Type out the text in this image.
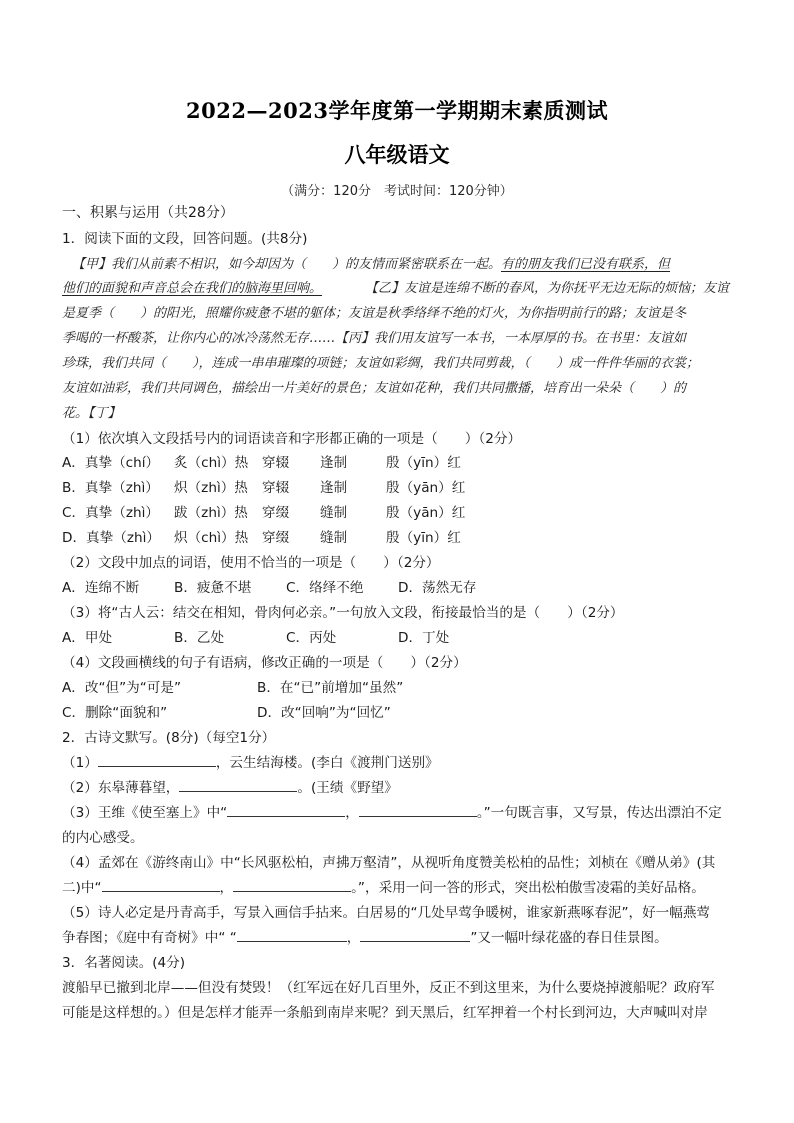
2022—2023学年度第一学期期末素质测试
八年级语文
（满分：120分　考试时间：120分钟）
一、积累与运用（共28分）
1．阅读下面的文段，回答问题。(共8分)
【甲】我们从前素不相识，如今却因为（　　）的友情而紧密联系在一起。有的朋友我们已没有联系，但
他们的面貌和声音总会在我们的脑海里回响。	【乙】友谊是连绵不断的春风，为你抚平无边无际的烦恼；友谊
是夏季（　　）的阳光，照耀你疲惫不堪的躯体；友谊是秋季络绎不绝的灯火，为你指明前行的路；友谊是冬
季喝的一杯酸茶，让你内心的冰冷荡然无存……【丙】我们用友谊写一本书，一本厚厚的书。在书里：友谊如
珍珠，我们共同（　　），连成一串串璀璨的项链；友谊如彩绸，我们共同剪裁，（　　）成一件件华丽的衣裳；
友谊如油彩，我们共同调色，描绘出一片美好的景色；友谊如花种，我们共同撒播，培育出一朵朵（　　）的
花。【丁】
（1）依次填入文段括号内的词语读音和字形都正确的一项是（　　）（2分）
A．真挚（chí） 炙（chì）热 穿辍 逢制	殷（yīn）红
B．真挚（zhì） 炽（zhì）热 穿辍 逢制	殷（yān）红
C．真挚（zhì） 跋（zhì）热 穿缀 缝制	殷（yān）红
D．真挚（zhì） 炽（chì）热 穿缀 缝制	殷（yīn）红
（2）文段中加点的词语，使用不恰当的一项是（　　）（2分）
A．连绵不断	B．疲惫不堪	C．络绎不绝	D．荡然无存
（3）将“古人云：结交在相知，骨肉何必亲。”一句放入文段，衔接最恰当的是（　　）（2分）
A．甲处	B．乙处	C．丙处	D．丁处
（4）文段画横线的句子有语病，修改正确的一项是（　　）（2分）
A．改“但”为“可是”	B．在“已”前增加“虽然”
C．删除“面貌和”	D．改“回响”为“回忆”
2．古诗文默写。(8分)（每空1分）
（1）	，云生结海楼。(李白《渡荆门送别》
（2）东皋薄暮望，	。(王绩《野望》
（3）王维《使至塞上》中“	，	。”一句既言事，又写景，传达出漂泊不定
的内心感受。
（4）孟郊在《游终南山》中“长风驱松柏，声拂万壑清”，从视听角度赞美松柏的品性；刘桢在《赠从弟》(其
二)中“	，	。”，采用一问一答的形式，突出松柏傲雪凌霜的美好品格。
（5）诗人必定是丹青高手，写景入画信手拈来。白居易的“几处早莺争暖树，谁家新燕啄春泥”，好一幅燕莺
争春图；《庭中有奇树》中“ “	，	”又一幅叶绿花盛的春日佳景图。
3．名著阅读。(4分)
渡船早已撤到北岸——但没有焚毁！（红军远在好几百里外，反正不到这里来，为什么要烧掉渡船呢？政府军
可能是这样想的。）但是怎样才能弄一条船到南岸来呢？到天黑后，红军押着一个村长到河边，大声喊叫对岸
